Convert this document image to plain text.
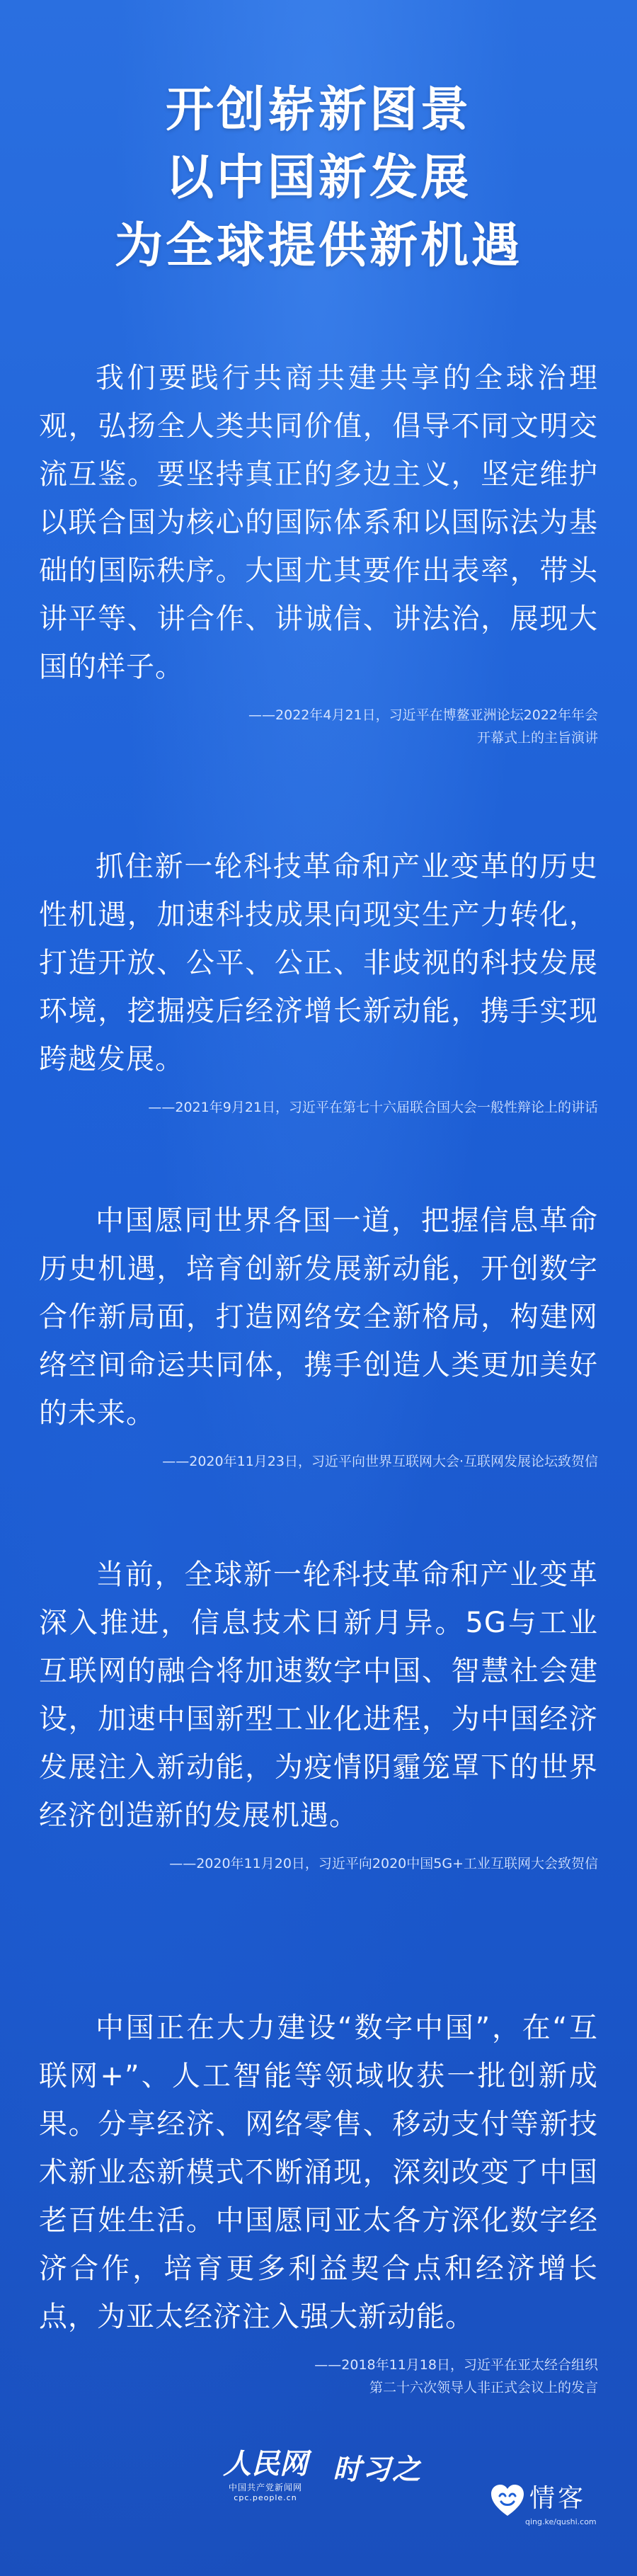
开创崭新图景
以中国新发展
为全球提供新机遇

我们要践行共商共建共享的全球治理观，弘扬全人类共同价值，倡导不同文明交流互鉴。要坚持真正的多边主义，坚定维护以联合国为核心的国际体系和以国际法为基础的国际秩序。大国尤其要作出表率，带头讲平等、讲合作、讲诚信、讲法治，展现大国的样子。

——2022年4月21日，习近平在博鳌亚洲论坛2022年年会
开幕式上的主旨演讲

抓住新一轮科技革命和产业变革的历史性机遇，加速科技成果向现实生产力转化，打造开放、公平、公正、非歧视的科技发展环境，挖掘疫后经济增长新动能，携手实现跨越发展。

——2021年9月21日，习近平在第七十六届联合国大会一般性辩论上的讲话

中国愿同世界各国一道，把握信息革命历史机遇，培育创新发展新动能，开创数字合作新局面，打造网络安全新格局，构建网络空间命运共同体，携手创造人类更加美好的未来。

——2020年11月23日，习近平向世界互联网大会·互联网发展论坛致贺信

当前，全球新一轮科技革命和产业变革深入推进，信息技术日新月异。5G与工业互联网的融合将加速数字中国、智慧社会建设，加速中国新型工业化进程，为中国经济发展注入新动能，为疫情阴霾笼罩下的世界经济创造新的发展机遇。

——2020年11月20日，习近平向2020中国5G+工业互联网大会致贺信

中国正在大力建设“数字中国”，在“互联网+”、人工智能等领域收获一批创新成果。分享经济、网络零售、移动支付等新技术新业态新模式不断涌现，深刻改变了中国老百姓生活。中国愿同亚太各方深化数字经济合作，培育更多利益契合点和经济增长点，为亚太经济注入强大新动能。

——2018年11月18日，习近平在亚太经合组织
第二十六次领导人非正式会议上的发言
人民网
中国共产党新闻网
cpc.people.cn
时习之
情客
qing.ke/qushi.com
